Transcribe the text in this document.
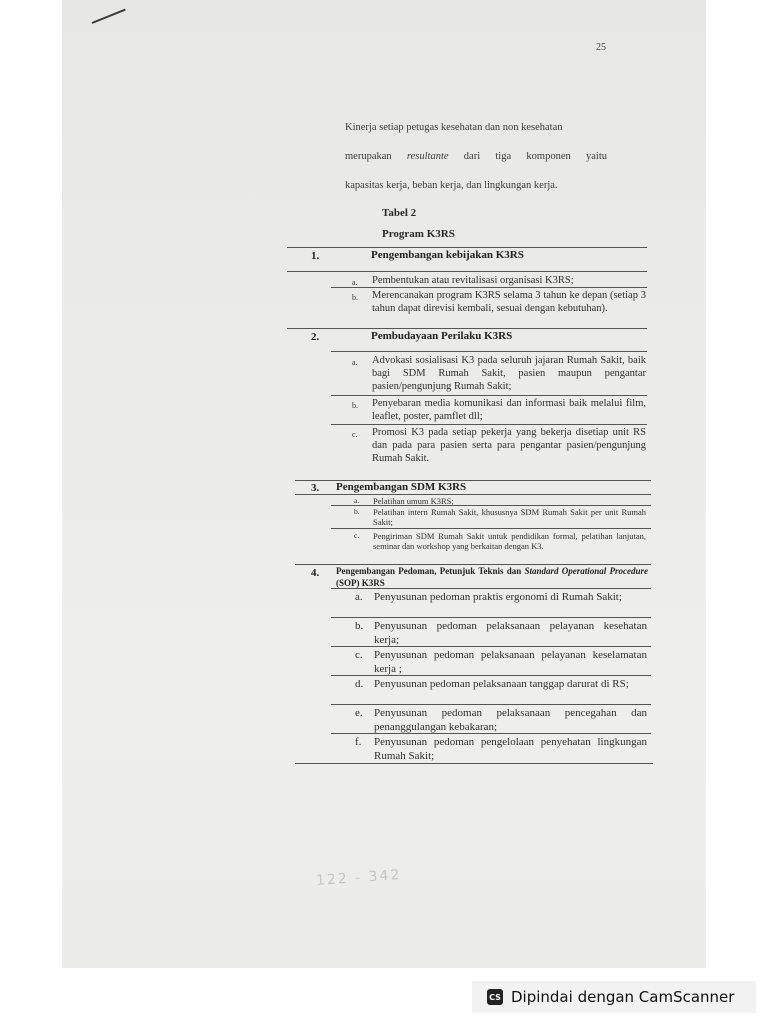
25

Kinerja setiap petugas kesehatan dan non kesehatan

merupakan resultante dari tiga komponen yaitu

kapasitas kerja, beban kerja, dan lingkungan kerja.

Tabel 2
Program K3RS
1.	Pengembangan kebijakan K3RS
a. Pembentukan atau revitalisasi organisasi K3RS;
b. Merencanakan program K3RS selama 3 tahun ke depan (setiap 3 tahun dapat direvisi kembali, sesuai dengan kebutuhan).
2.	Pembudayaan Perilaku K3RS
a. Advokasi sosialisasi K3 pada seluruh jajaran Rumah Sakit, baik bagi SDM Rumah Sakit, pasien maupun pengantar pasien/pengunjung Rumah Sakit;
b. Penyebaran media komunikasi dan informasi baik melalui film, leaflet, poster, pamflet dll;
c. Promosi K3 pada setiap pekerja yang bekerja disetiap unit RS dan pada para pasien serta para pengantar pasien/pengunjung Rumah Sakit.
3. Pengembangan SDM K3RS
a. Pelatihan umum K3RS;
b. Pelatihan intern Rumah Sakit, khususnya SDM Rumah Sakit per unit Rumah Sakit;
c. Pengiriman SDM Rumah Sakit untuk pendidikan formal, pelatihan lanjutan, seminar dan workshop yang berkaitan dengan K3.
4. Pengembangan Pedoman, Petunjuk Teknis dan Standard Operational Procedure (SOP) K3RS
a. Penyusunan pedoman praktis ergonomi di Rumah Sakit;
b. Penyusunan pedoman pelaksanaan pelayanan kesehatan kerja;
c. Penyusunan pedoman pelaksanaan pelayanan keselamatan kerja ;
d. Penyusunan pedoman pelaksanaan tanggap darurat di RS;
e. Penyusunan pedoman pelaksanaan pencegahan dan penanggulangan kebakaran;
f. Penyusunan pedoman pengelolaan penyehatan lingkungan Rumah Sakit;
122 - 342
CS Dipindai dengan CamScanner
